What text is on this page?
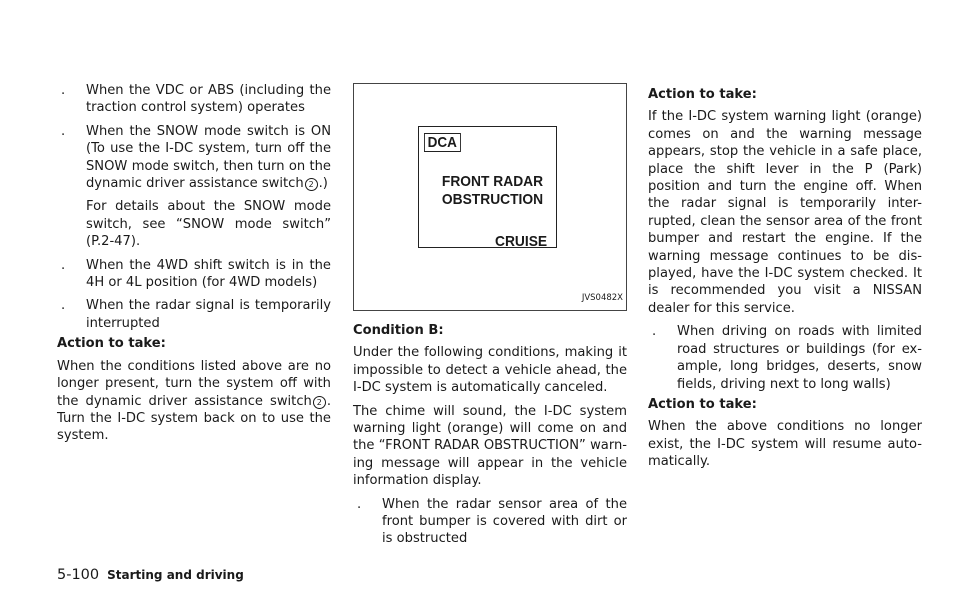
. When the VDC or ABS (including the traction control system) operates
. When the SNOW mode switch is ON (To use the I-DC system, turn off the SNOW mode switch, then turn on the dynamic driver assistance switch 2 .)
For details about the SNOW mode switch, see “SNOW mode switch” (P.2-47).
. When the 4WD shift switch is in the 4H or 4L position (for 4WD models)
. When the radar signal is temporarily interrupted
Action to take:

When the conditions listed above are no longer present, turn the system off with the dynamic driver assistance switch 2 . Turn the I-DC system back on to use the system.

DCA
FRONT RADAR
OBSTRUCTION
CRUISE
JVS0482X
Condition B:

Under the following conditions, making it impossible to detect a vehicle ahead, the I-DC system is automatically canceled.

The chime will sound, the I-DC system warning light (orange) will come on and the “FRONT RADAR OBSTRUCTION” warn-ing message will appear in the vehicle information display.

. When the radar sensor area of the front bumper is covered with dirt or is obstructed
Action to take:

If the I-DC system warning light (orange) comes on and the warning message appears, stop the vehicle in a safe place, place the shift lever in the P (Park) position and turn the engine off. When the radar signal is temporarily inter-rupted, clean the sensor area of the front bumper and restart the engine. If the warning message continues to be dis-played, have the I-DC system checked. It is recommended you visit a NISSAN dealer for this service.

. When driving on roads with limited road structures or buildings (for ex-ample, long bridges, deserts, snow fields, driving next to long walls)
Action to take:

When the above conditions no longer exist, the I-DC system will resume auto-matically.

5-100 Starting and driving
